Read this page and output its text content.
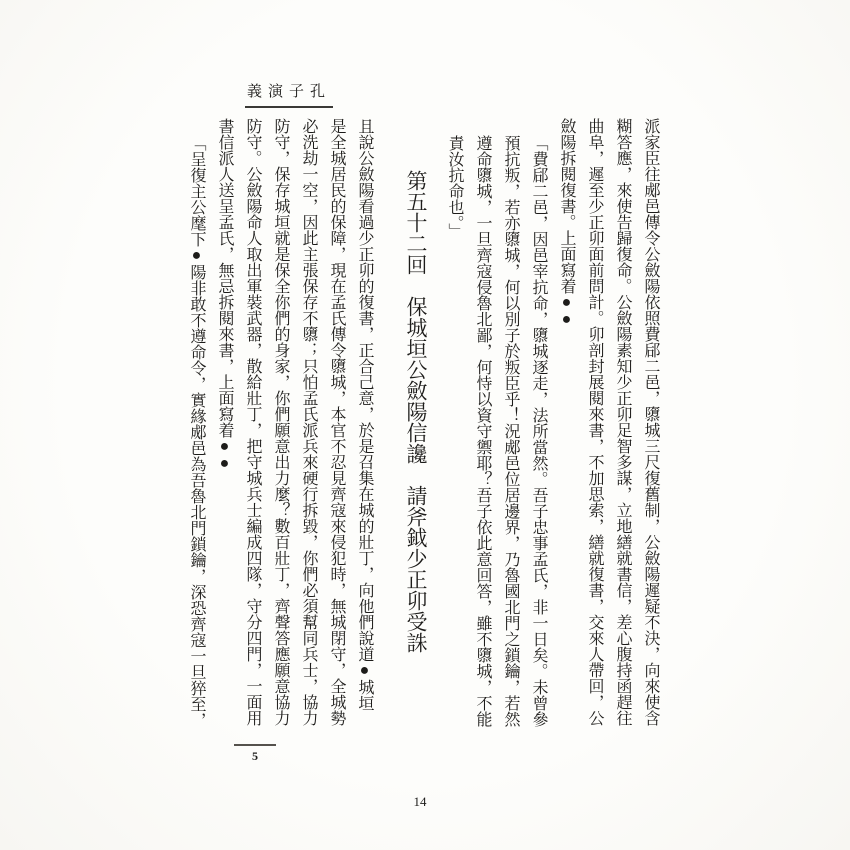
義演子孔
派家臣往郕邑傳令公斂陽依照費郈二邑，隳城三尺復舊制，公斂陽遲疑不決，向來使含
糊答應，來使告歸復命。公斂陽素知少正卯足智多謀，立地繕就書信，差心腹持函趕往
曲阜，遲至少正卯面前問計。卯剖封展閱來書，不加思索，繕就復書，交來人帶回，公
斂陽拆閱復書。上面寫着●●
「費郈二邑，因邑宰抗命，隳城逐走，法所當然。吾子忠事孟氏，非一日矣。未曾參
預抗叛，若亦隳城，何以別子於叛臣乎！況郕邑位居邊界，乃魯國北門之鎖鑰，若然
遵命隳城，一旦齊寇侵魯北鄙，何恃以資守禦耶？吾子依此意回答，雖不隳城，不能
責汝抗命也。」
第五十二回　保城垣公斂陽信讒　請斧鉞少正卯受誅
且說公斂陽看過少正卯的復書，正合己意，於是召集在城的壯丁，向他們說道●城垣
是全城居民的保障，現在孟氏傳令隳城，本官不忍見齊寇來侵犯時，無城閉守，全城勢
必洗劫一空，因此主張保存不隳；只怕孟氏派兵來硬行拆毀，你們必須幫同兵士，協力
防守，保存城垣就是保全你們的身家，你們願意出力麼？數百壯丁，齊聲答應願意協力
防守。公斂陽命人取出軍裝武器，散給壯丁，把守城兵士編成四隊，守分四門，一面用
書信派人送呈孟氏，無忌拆閱來書，上面寫着●●
「呈復主公麾下●陽非敢不遵命令，實緣郕邑為吾魯北門鎖鑰，深恐齊寇一旦猝至，
5
14
